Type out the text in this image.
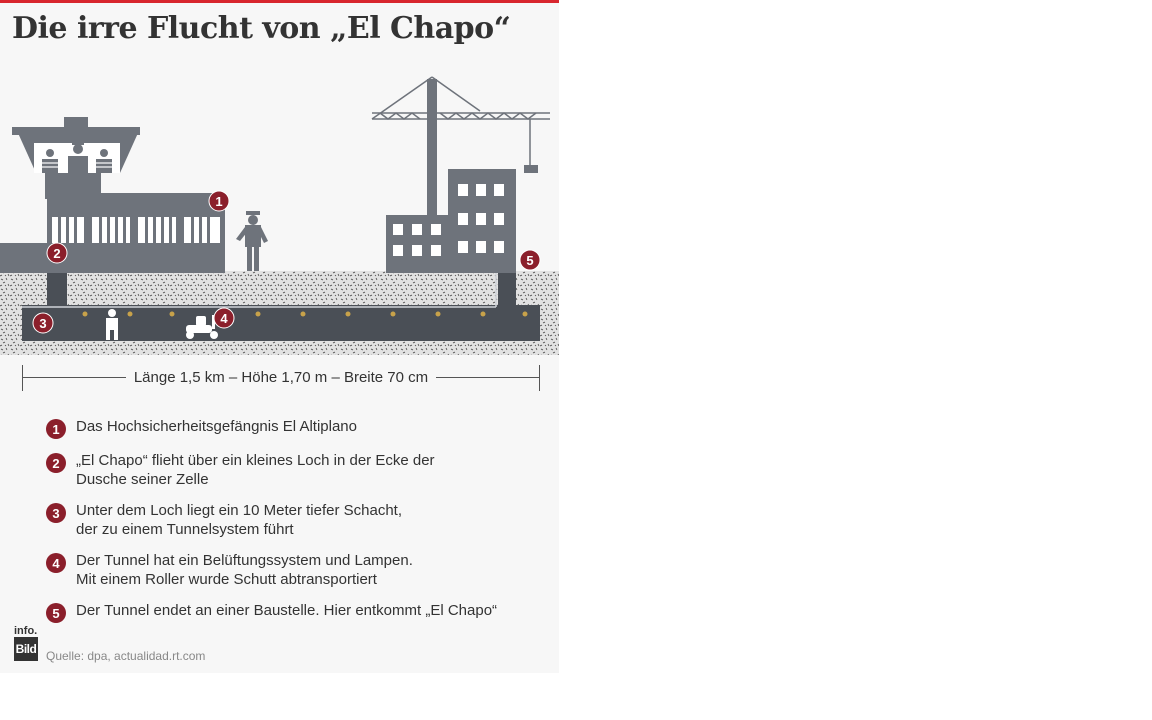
Die irre Flucht von „El Chapo“
1
2
3	4
5
Länge 1,5 km – Höhe 1,70 m – Breite 70 cm
1	Das Hochsicherheitsgefängnis El Altiplano
2	„El Chapo“ flieht über ein kleines Loch in der Ecke der
Dusche seiner Zelle
3	Unter dem Loch liegt ein 10 Meter tiefer Schacht,
der zu einem Tunnelsystem führt
4	Der Tunnel hat ein Belüftungssystem und Lampen.
Mit einem Roller wurde Schutt abtransportiert
5	Der Tunnel endet an einer Baustelle. Hier entkommt „El Chapo“
info.
Bild Quelle: dpa, actualidad.rt.com
